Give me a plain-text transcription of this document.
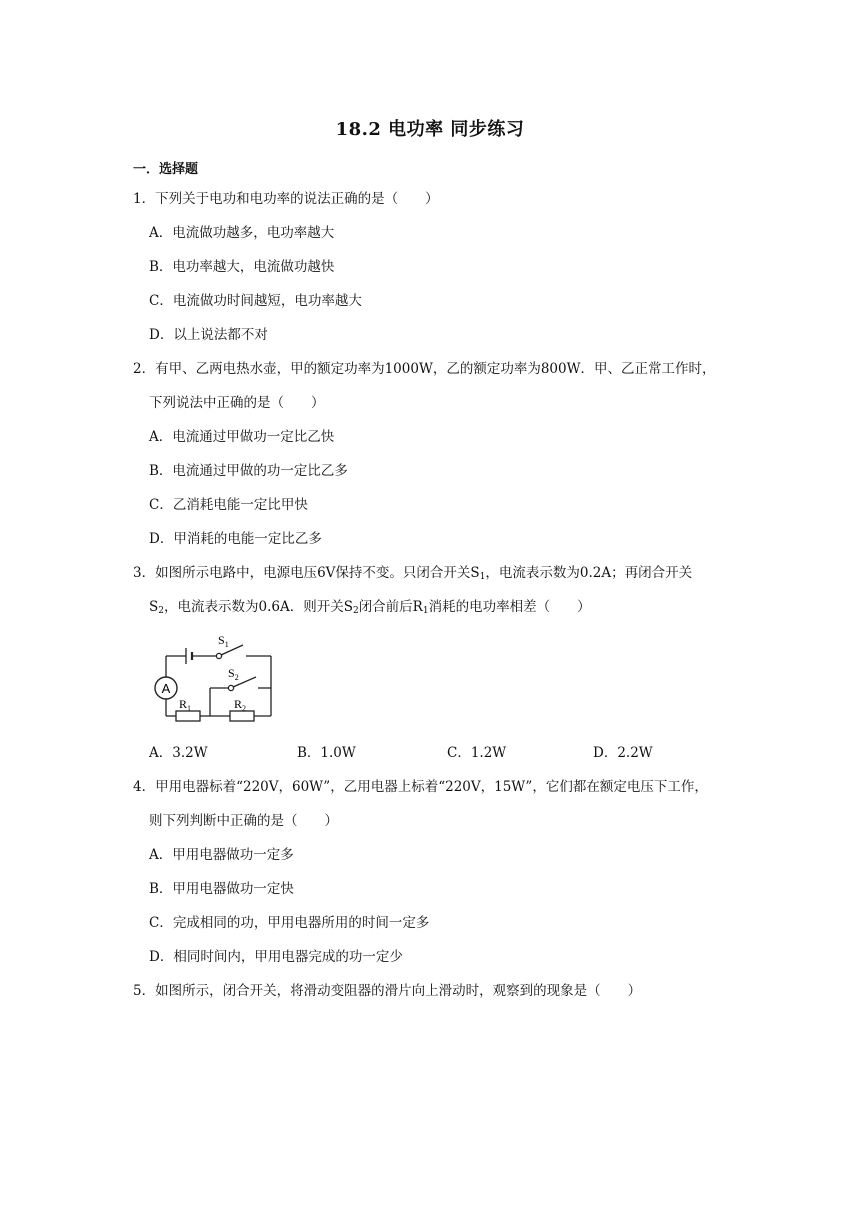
18.2 电功率 同步练习
一．选择题
1．下列关于电功和电功率的说法正确的是（　　）
A．电流做功越多，电功率越大
B．电功率越大，电流做功越快
C．电流做功时间越短，电功率越大
D．以上说法都不对
2．有甲、乙两电热水壶，甲的额定功率为1000W，乙的额定功率为800W．甲、乙正常工作时，
下列说法中正确的是（　　）
A．电流通过甲做功一定比乙快
B．电流通过甲做的功一定比乙多
C．乙消耗电能一定比甲快
D．甲消耗的电能一定比乙多
3．如图所示电路中，电源电压6V保持不变。只闭合开关$S_1$，电流表示数为0.2A；再闭合开关
$S_2$，电流表示数为0.6A．则开关$S_2$闭合前后$R_1$消耗的电功率相差（　　）
A
$S_1$
$S_2$
$R_1$	$R_2$
A．3.2W	B．1.0W	C．1.2W	D．2.2W
4．甲用电器标着“220V，60W”，乙用电器上标着“220V，15W”，它们都在额定电压下工作，
则下列判断中正确的是（　　）
A．甲用电器做功一定多
B．甲用电器做功一定快
C．完成相同的功，甲用电器所用的时间一定多
D．相同时间内，甲用电器完成的功一定少
5．如图所示，闭合开关，将滑动变阻器的滑片向上滑动时，观察到的现象是（　　）
